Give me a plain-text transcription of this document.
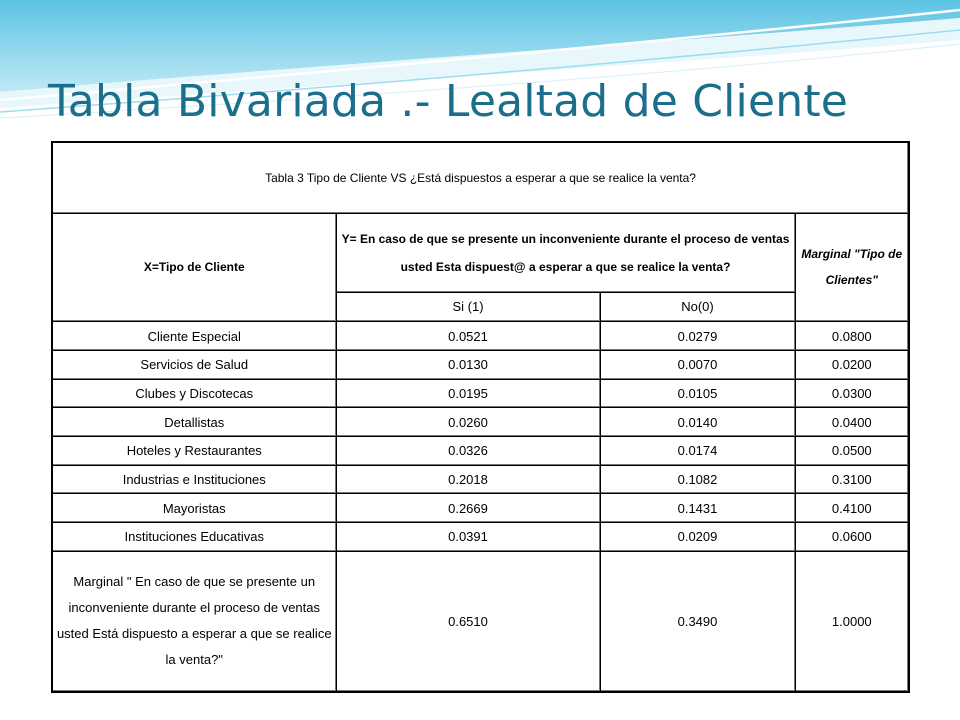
Tabla Bivariada .- Lealtad de Cliente
Tabla 3 Tipo de Cliente VS ¿Está dispuestos a esperar a que se realice la venta?			
X=Tipo de Cliente	Y= En caso de que se presente un inconveniente durante el proceso de ventas usted Esta dispuest@ a esperar a que se realice la venta?		Marginal "Tipo de Clientes"
	Si (1)	No(0)	
Cliente Especial	0.0521	0.0279	0.0800
Servicios de Salud	0.0130	0.0070	0.0200
Clubes y Discotecas	0.0195	0.0105	0.0300
Detallistas	0.0260	0.0140	0.0400
Hoteles y Restaurantes	0.0326	0.0174	0.0500
Industrias e Instituciones	0.2018	0.1082	0.3100
Mayoristas	0.2669	0.1431	0.4100
Instituciones Educativas	0.0391	0.0209	0.0600
Marginal " En caso de que se presente un inconveniente durante el proceso de ventas usted Está dispuesto a esperar a que se realice la venta?"	0.6510	0.3490	1.0000
